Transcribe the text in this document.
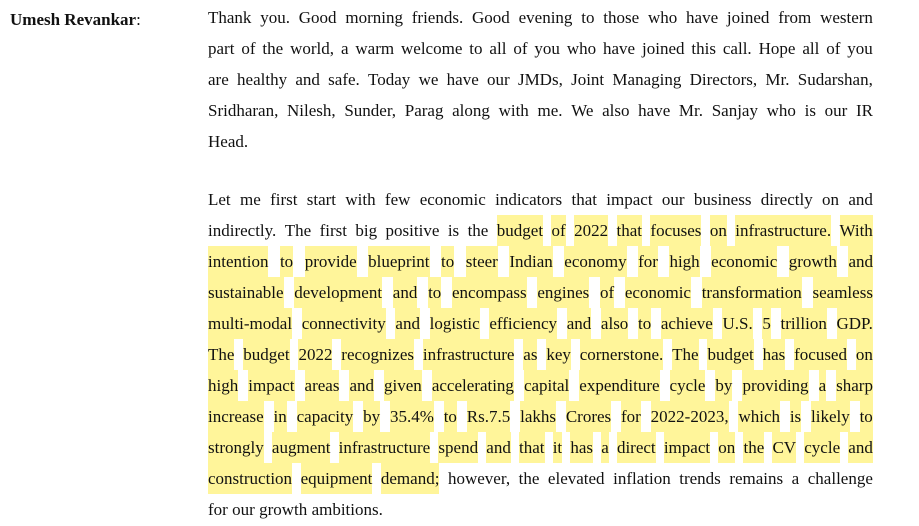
Umesh Revankar:	Thank you. Good morning friends. Good evening to those who have joined from western
part of the world, a warm welcome to all of you who have joined this call. Hope all of you
are healthy and safe. Today we have our JMDs, Joint Managing Directors, Mr. Sudarshan,
Sridharan, Nilesh, Sunder, Parag along with me. We also have Mr. Sanjay who is our IR
Head.
Let me first start with few economic indicators that impact our business directly on and
indirectly. The first big positive is the budget of 2022 that focuses on infrastructure. With
intention to provide blueprint to steer Indian economy for high economic growth and
sustainable development and to encompass engines of economic transformation seamless
multi-modal connectivity and logistic efficiency and also to achieve U.S. 5 trillion GDP.
The budget 2022 recognizes infrastructure as key cornerstone. The budget has focused on
high impact areas and given accelerating capital expenditure cycle by providing a sharp
increase in capacity by 35.4% to Rs.7.5 lakhs Crores for 2022-2023, which is likely to
strongly augment infrastructure spend and that it has a direct impact on the CV cycle and
construction equipment demand; however, the elevated inflation trends remains a challenge
for our growth ambitions.
